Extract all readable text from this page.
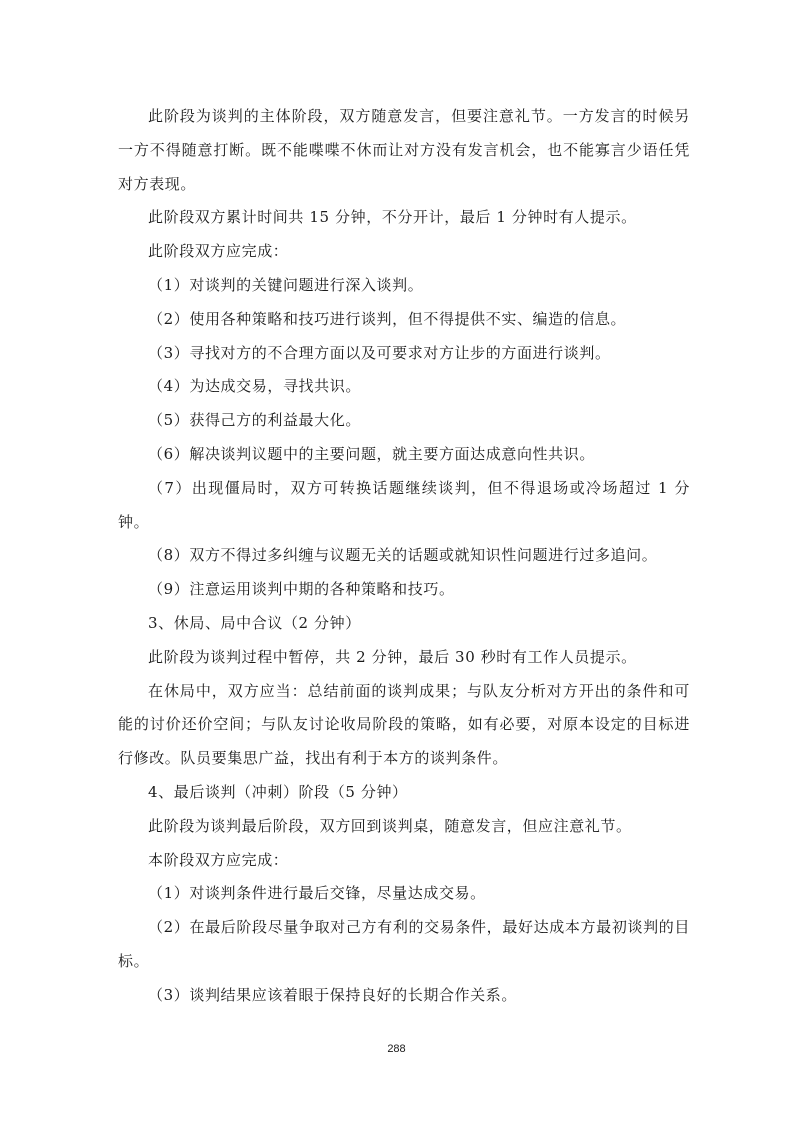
此阶段为谈判的主体阶段，双方随意发言，但要注意礼节。一方发言的时候另一方不得随意打断。既不能喋喋不休而让对方没有发言机会，也不能寡言少语任凭对方表现。

此阶段双方累计时间共 15 分钟，不分开计，最后 1 分钟时有人提示。

此阶段双方应完成：

（1）对谈判的关键问题进行深入谈判。

（2）使用各种策略和技巧进行谈判，但不得提供不实、编造的信息。

（3）寻找对方的不合理方面以及可要求对方让步的方面进行谈判。

（4）为达成交易，寻找共识。

（5）获得己方的利益最大化。

（6）解决谈判议题中的主要问题，就主要方面达成意向性共识。

（7）出现僵局时，双方可转换话题继续谈判，但不得退场或冷场超过 1 分钟。

（8）双方不得过多纠缠与议题无关的话题或就知识性问题进行过多追问。

（9）注意运用谈判中期的各种策略和技巧。

3、休局、局中合议（2 分钟）

此阶段为谈判过程中暂停，共 2 分钟，最后 30 秒时有工作人员提示。

在休局中，双方应当：总结前面的谈判成果；与队友分析对方开出的条件和可能的讨价还价空间；与队友讨论收局阶段的策略，如有必要，对原本设定的目标进行修改。队员要集思广益，找出有利于本方的谈判条件。

4、最后谈判（冲刺）阶段（5 分钟）

此阶段为谈判最后阶段，双方回到谈判桌，随意发言，但应注意礼节。

本阶段双方应完成：

（1）对谈判条件进行最后交锋，尽量达成交易。

（2）在最后阶段尽量争取对己方有利的交易条件，最好达成本方最初谈判的目标。

（3）谈判结果应该着眼于保持良好的长期合作关系。

288
